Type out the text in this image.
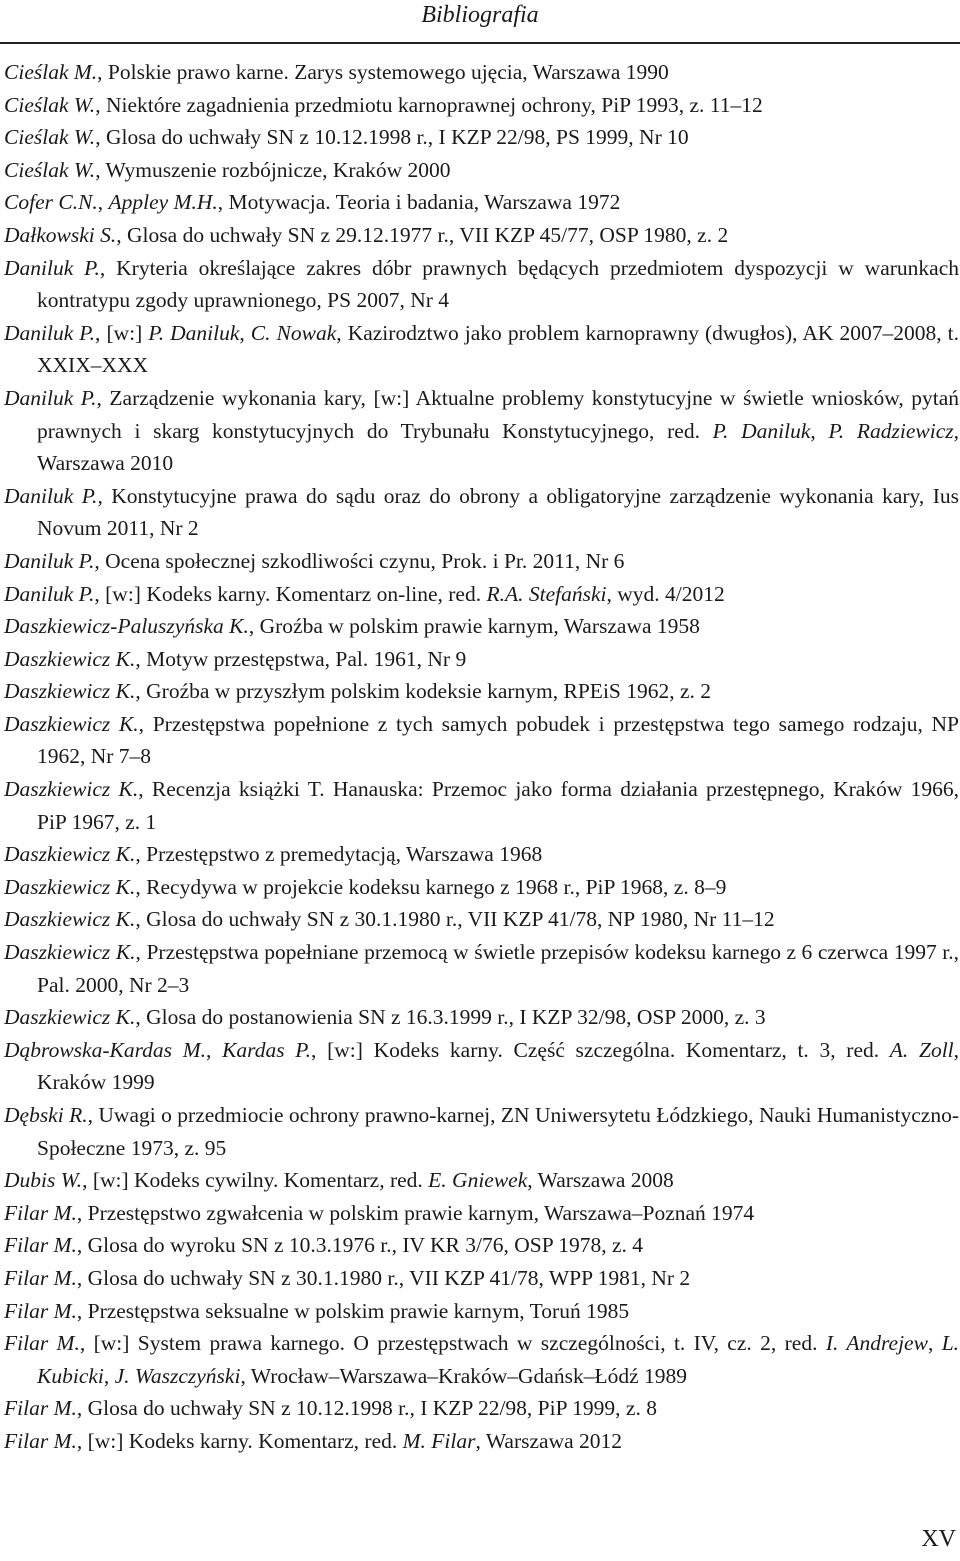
Bibliografia
Cieślak M., Polskie prawo karne. Zarys systemowego ujęcia, Warszawa 1990
Cieślak W., Niektóre zagadnienia przedmiotu karnoprawnej ochrony, PiP 1993, z. 11–12
Cieślak W., Glosa do uchwały SN z 10.12.1998 r., I KZP 22/98, PS 1999, Nr 10
Cieślak W., Wymuszenie rozbójnicze, Kraków 2000
Cofer C.N., Appley M.H., Motywacja. Teoria i badania, Warszawa 1972
Dałkowski S., Glosa do uchwały SN z 29.12.1977 r., VII KZP 45/77, OSP 1980, z. 2
Daniluk P., Kryteria określające zakres dóbr prawnych będących przedmiotem dyspozycji w warunkach kontratypu zgody uprawnionego, PS 2007, Nr 4
Daniluk P., [w:] P. Daniluk, C. Nowak, Kazirodztwo jako problem karnoprawny (dwugłos), AK 2007–2008, t. XXIX–XXX
Daniluk P., Zarządzenie wykonania kary, [w:] Aktualne problemy konstytucyjne w świetle wniosków, pytań prawnych i skarg konstytucyjnych do Trybunału Konstytucyjnego, red. P. Daniluk, P. Radziewicz, Warszawa 2010
Daniluk P., Konstytucyjne prawa do sądu oraz do obrony a obligatoryjne zarządzenie wykonania kary, Ius Novum 2011, Nr 2
Daniluk P., Ocena społecznej szkodliwości czynu, Prok. i Pr. 2011, Nr 6
Daniluk P., [w:] Kodeks karny. Komentarz on-line, red. R.A. Stefański, wyd. 4/2012
Daszkiewicz-Paluszyńska K., Groźba w polskim prawie karnym, Warszawa 1958
Daszkiewicz K., Motyw przestępstwa, Pal. 1961, Nr 9
Daszkiewicz K., Groźba w przyszłym polskim kodeksie karnym, RPEiS 1962, z. 2
Daszkiewicz K., Przestępstwa popełnione z tych samych pobudek i przestępstwa tego samego rodzaju, NP 1962, Nr 7–8
Daszkiewicz K., Recenzja książki T. Hanauska: Przemoc jako forma działania przestępnego, Kraków 1966, PiP 1967, z. 1
Daszkiewicz K., Przestępstwo z premedytacją, Warszawa 1968
Daszkiewicz K., Recydywa w projekcie kodeksu karnego z 1968 r., PiP 1968, z. 8–9
Daszkiewicz K., Glosa do uchwały SN z 30.1.1980 r., VII KZP 41/78, NP 1980, Nr 11–12
Daszkiewicz K., Przestępstwa popełniane przemocą w świetle przepisów kodeksu karnego z 6 czerwca 1997 r., Pal. 2000, Nr 2–3
Daszkiewicz K., Glosa do postanowienia SN z 16.3.1999 r., I KZP 32/98, OSP 2000, z. 3
Dąbrowska-Kardas M., Kardas P., [w:] Kodeks karny. Część szczególna. Komentarz, t. 3, red. A. Zoll, Kraków 1999
Dębski R., Uwagi o przedmiocie ochrony prawno-karnej, ZN Uniwersytetu Łódzkiego, Nauki Humanistyczno-Społeczne 1973, z. 95
Dubis W., [w:] Kodeks cywilny. Komentarz, red. E. Gniewek, Warszawa 2008
Filar M., Przestępstwo zgwałcenia w polskim prawie karnym, Warszawa–Poznań 1974
Filar M., Glosa do wyroku SN z 10.3.1976 r., IV KR 3/76, OSP 1978, z. 4
Filar M., Glosa do uchwały SN z 30.1.1980 r., VII KZP 41/78, WPP 1981, Nr 2
Filar M., Przestępstwa seksualne w polskim prawie karnym, Toruń 1985
Filar M., [w:] System prawa karnego. O przestępstwach w szczególności, t. IV, cz. 2, red. I. Andrejew, L. Kubicki, J. Waszczyński, Wrocław–Warszawa–Kraków–Gdańsk–Łódź 1989
Filar M., Glosa do uchwały SN z 10.12.1998 r., I KZP 22/98, PiP 1999, z. 8
Filar M., [w:] Kodeks karny. Komentarz, red. M. Filar, Warszawa 2012
XV
